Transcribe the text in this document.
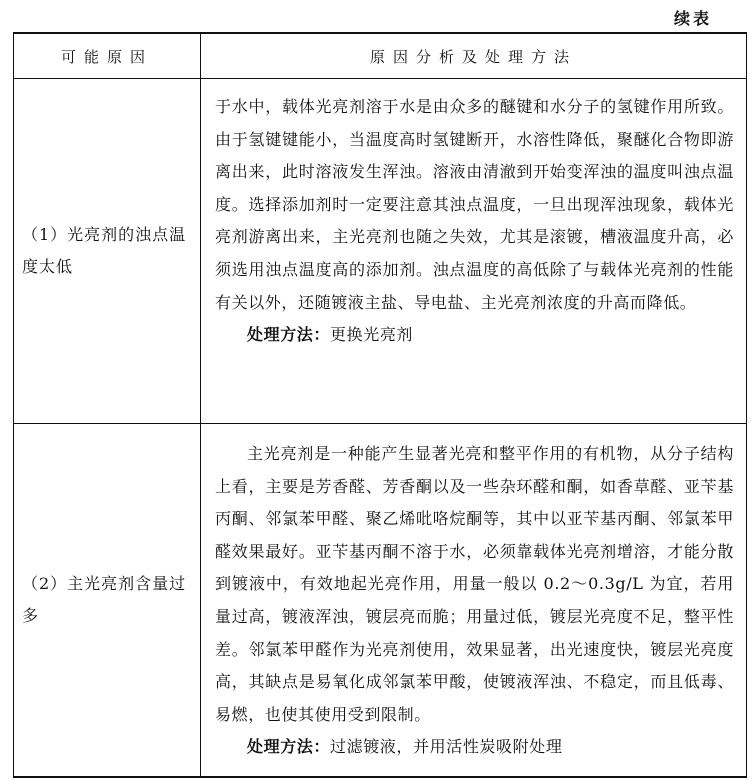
续表
可能原因	原因分析及处理方法
（1）光亮剂的浊点温度太低

于水中，载体光亮剂溶于水是由众多的醚键和水分子的氢键作用所致。由于氢键键能小，当温度高时氢键断开，水溶性降低，聚醚化合物即游离出来，此时溶液发生浑浊。溶液由清澈到开始变浑浊的温度叫浊点温度。选择添加剂时一定要注意其浊点温度，一旦出现浑浊现象，载体光亮剂游离出来，主光亮剂也随之失效，尤其是滚镀，槽液温度升高，必须选用浊点温度高的添加剂。浊点温度的高低除了与载体光亮剂的性能有关以外，还随镀液主盐、导电盐、主光亮剂浓度的升高而降低。

处理方法：更换光亮剂

（2）主光亮剂含量过多

主光亮剂是一种能产生显著光亮和整平作用的有机物，从分子结构上看，主要是芳香醛、芳香酮以及一些杂环醛和酮，如香草醛、亚苄基丙酮、邻氯苯甲醛、聚乙烯吡咯烷酮等，其中以亚苄基丙酮、邻氯苯甲醛效果最好。亚苄基丙酮不溶于水，必须靠载体光亮剂增溶，才能分散到镀液中，有效地起光亮作用，用量一般以 0.2～0.3g/L 为宜，若用量过高，镀液浑浊，镀层亮而脆；用量过低，镀层光亮度不足，整平性差。邻氯苯甲醛作为光亮剂使用，效果显著，出光速度快，镀层光亮度高，其缺点是易氧化成邻氯苯甲酸，使镀液浑浊、不稳定，而且低毒、易燃，也使其使用受到限制。

处理方法：过滤镀液，并用活性炭吸附处理
